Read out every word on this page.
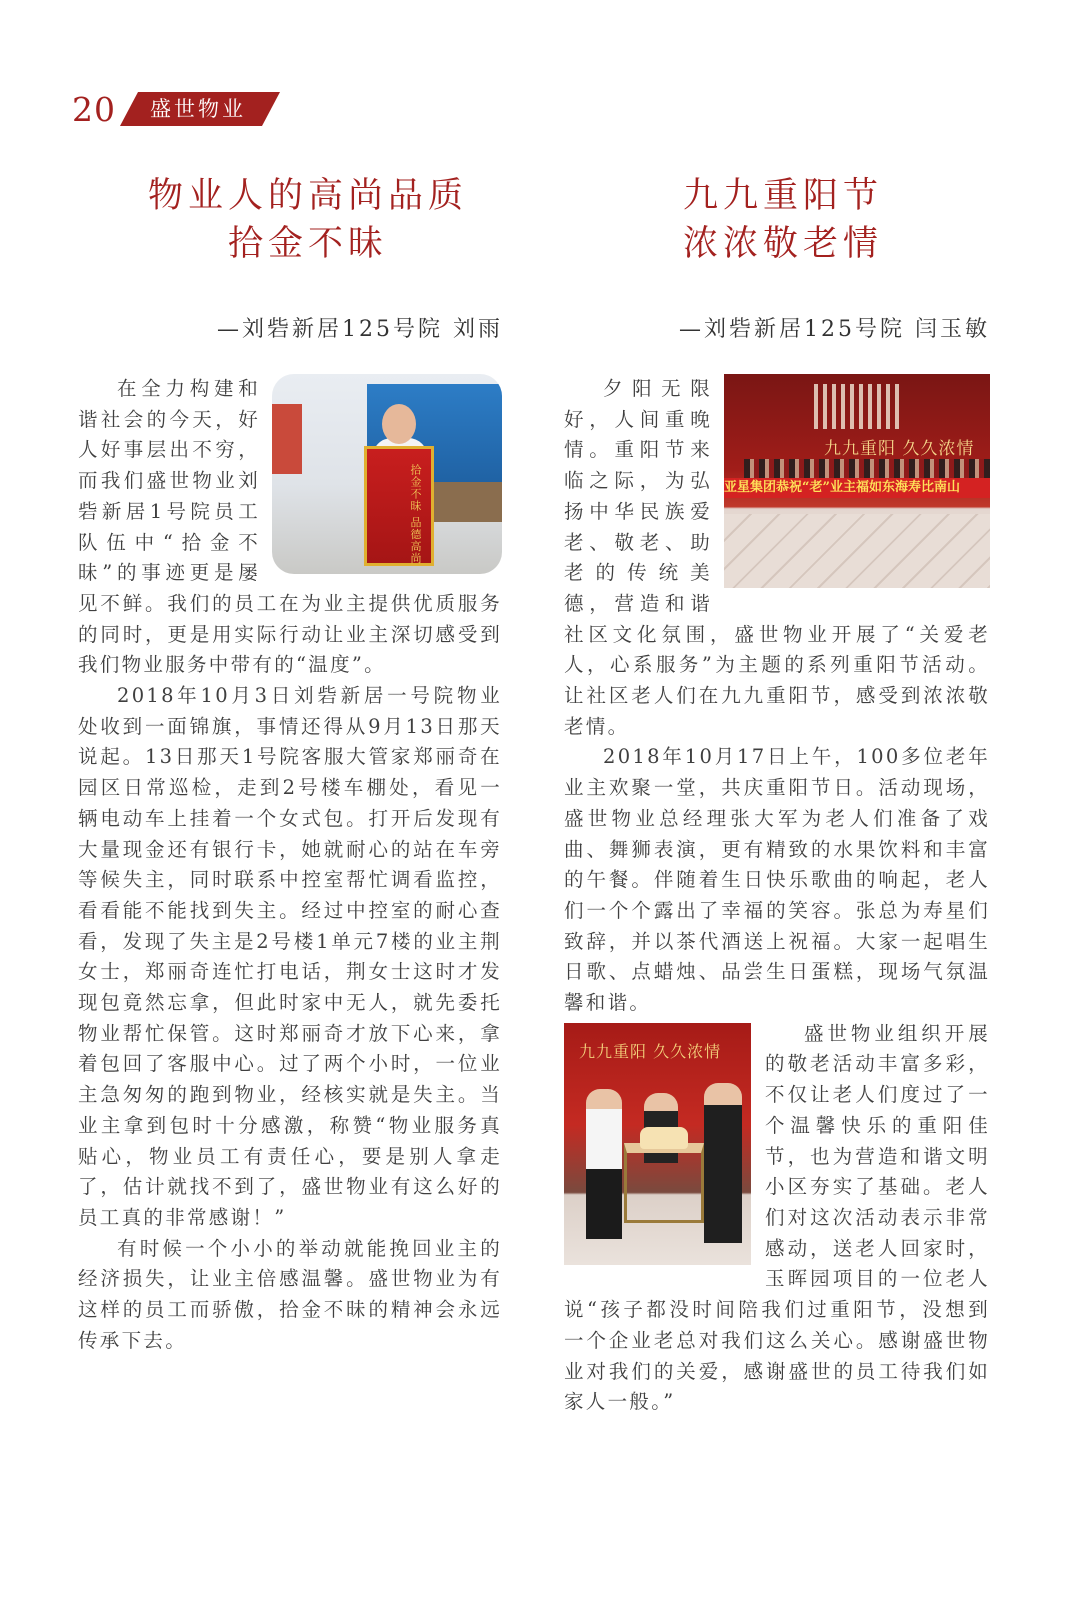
20 盛世物业
物业人的高尚品质
拾金不昧
—刘砦新居125号院 刘雨
拾金不昧 品德高尚

在全力构建和谐社会的今天，好人好事层出不穷，而我们盛世物业刘砦新居1号院员工队伍中“拾金不昧”的事迹更是屡见不鲜。我们的员工在为业主提供优质服务的同时，更是用实际行动让业主深切感受到我们物业服务中带有的“温度”。

2018年10月3日刘砦新居一号院物业处收到一面锦旗，事情还得从9月13日那天说起。13日那天1号院客服大管家郑丽奇在园区日常巡检，走到2号楼车棚处，看见一辆电动车上挂着一个女式包。打开后发现有大量现金还有银行卡，她就耐心的站在车旁等候失主，同时联系中控室帮忙调看监控，看看能不能找到失主。经过中控室的耐心查看，发现了失主是2号楼1单元7楼的业主荆女士，郑丽奇连忙打电话，荆女士这时才发现包竟然忘拿，但此时家中无人，就先委托物业帮忙保管。这时郑丽奇才放下心来，拿着包回了客服中心。过了两个小时，一位业主急匆匆的跑到物业，经核实就是失主。当业主拿到包时十分感激，称赞“物业服务真贴心，物业员工有责任心，要是别人拿走了，估计就找不到了，盛世物业有这么好的员工真的非常感谢！”

有时候一个小小的举动就能挽回业主的经济损失，让业主倍感温馨。盛世物业为有这样的员工而骄傲，拾金不昧的精神会永远传承下去。

九九重阳节
浓浓敬老情
—刘砦新居125号院 闫玉敏
九九重阳 久久浓情
亚星集团恭祝“老”业主福如东海寿比南山

夕阳无限好，人间重晚情。重阳节来临之际，为弘扬中华民族爱老、敬老、助老的传统美德，营造和谐社区文化氛围，盛世物业开展了“关爱老人，心系服务”为主题的系列重阳节活动。让社区老人们在九九重阳节，感受到浓浓敬老情。

2018年10月17日上午，100多位老年业主欢聚一堂，共庆重阳节日。活动现场，盛世物业总经理张大军为老人们准备了戏曲、舞狮表演，更有精致的水果饮料和丰富的午餐。伴随着生日快乐歌曲的响起，老人们一个个露出了幸福的笑容。张总为寿星们致辞，并以茶代酒送上祝福。大家一起唱生日歌、点蜡烛、品尝生日蛋糕，现场气氛温馨和谐。

九九重阳 久久浓情

盛世物业组织开展的敬老活动丰富多彩，不仅让老人们度过了一个温馨快乐的重阳佳节，也为营造和谐文明小区夯实了基础。老人们对这次活动表示非常感动，送老人回家时，玉晖园项目的一位老人说“孩子都没时间陪我们过重阳节，没想到一个企业老总对我们这么关心。感谢盛世物业对我们的关爱，感谢盛世的员工待我们如家人一般。”
